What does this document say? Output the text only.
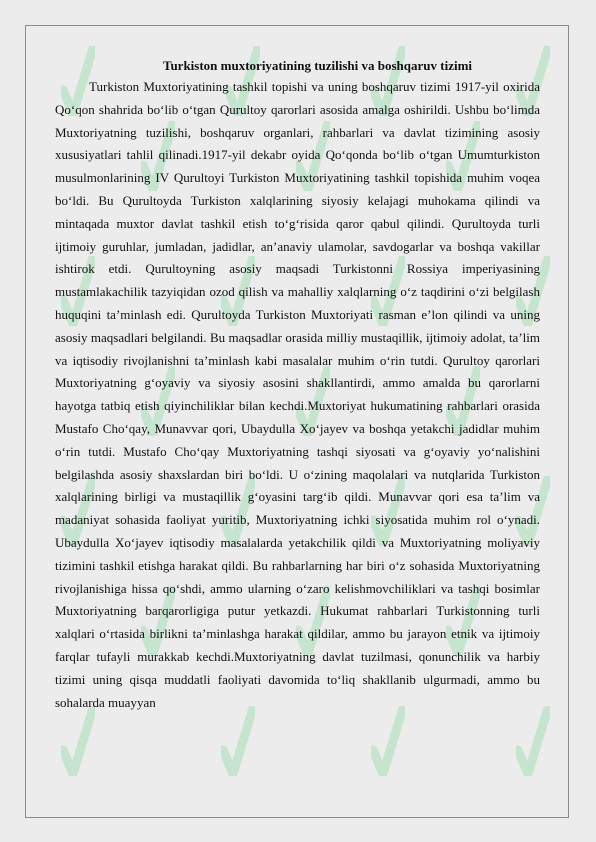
Turkiston muxtoriyatining tuzilishi va boshqaruv tizimi

Turkiston Muxtoriyatining tashkil topishi va uning boshqaruv tizimi 1917-yil oxirida Qo‘qon shahrida bo‘lib o‘tgan Qurultoy qarorlari asosida amalga oshirildi. Ushbu bo‘limda Muxtoriyatning tuzilishi, boshqaruv organlari, rahbarlari va davlat tizimining asosiy xususiyatlari tahlil qilinadi.1917-yil dekabr oyida Qo‘qonda bo‘lib o‘tgan Umumturkiston musulmonlarining IV Qurultoyi Turkiston Muxtoriyatining tashkil topishida muhim voqea bo‘ldi. Bu Qurultoyda Turkiston xalqlarining siyosiy kelajagi muhokama qilindi va mintaqada muxtor davlat tashkil etish to‘g‘risida qaror qabul qilindi. Qurultoyda turli ijtimoiy guruhlar, jumladan, jadidlar, an’anaviy ulamolar, savdogarlar va boshqa vakillar ishtirok etdi. Qurultoyning asosiy maqsadi Turkistonni Rossiya imperiyasining mustamlakachilik tazyiqidan ozod qilish va mahalliy xalqlarning o‘z taqdirini o‘zi belgilash huquqini ta’minlash edi. Qurultoyda Turkiston Muxtoriyati rasman e’lon qilindi va uning asosiy maqsadlari belgilandi. Bu maqsadlar orasida milliy mustaqillik, ijtimoiy adolat, ta’lim va iqtisodiy rivojlanishni ta’minlash kabi masalalar muhim o‘rin tutdi. Qurultoy qarorlari Muxtoriyatning g‘oyaviy va siyosiy asosini shakllantirdi, ammo amalda bu qarorlarni hayotga tatbiq etish qiyinchiliklar bilan kechdi.Muxtoriyat hukumatining rahbarlari orasida Mustafo Cho‘qay, Munavvar qori, Ubaydulla Xo‘jayev va boshqa yetakchi jadidlar muhim o‘rin tutdi. Mustafo Cho‘qay Muxtoriyatning tashqi siyosati va g‘oyaviy yo‘nalishini belgilashda asosiy shaxslardan biri bo‘ldi. U o‘zining maqolalari va nutqlarida Turkiston xalqlarining birligi va mustaqillik g‘oyasini targ‘ib qildi. Munavvar qori esa ta’lim va madaniyat sohasida faoliyat yuritib, Muxtoriyatning ichki siyosatida muhim rol o‘ynadi. Ubaydulla Xo‘jayev iqtisodiy masalalarda yetakchilik qildi va Muxtoriyatning moliyaviy tizimini tashkil etishga harakat qildi. Bu rahbarlarning har biri o‘z sohasida Muxtoriyatning rivojlanishiga hissa qo‘shdi, ammo ularning o‘zaro kelishmovchiliklari va tashqi bosimlar Muxtoriyatning barqarorligiga putur yetkazdi. Hukumat rahbarlari Turkistonning turli xalqlari o‘rtasida birlikni ta’minlashga harakat qildilar, ammo bu jarayon etnik va ijtimoiy farqlar tufayli murakkab kechdi.Muxtoriyatning davlat tuzilmasi, qonunchilik va harbiy tizimi uning qisqa muddatli faoliyati davomida to‘liq shakllanib ulgurmadi, ammo bu sohalarda muayyan
